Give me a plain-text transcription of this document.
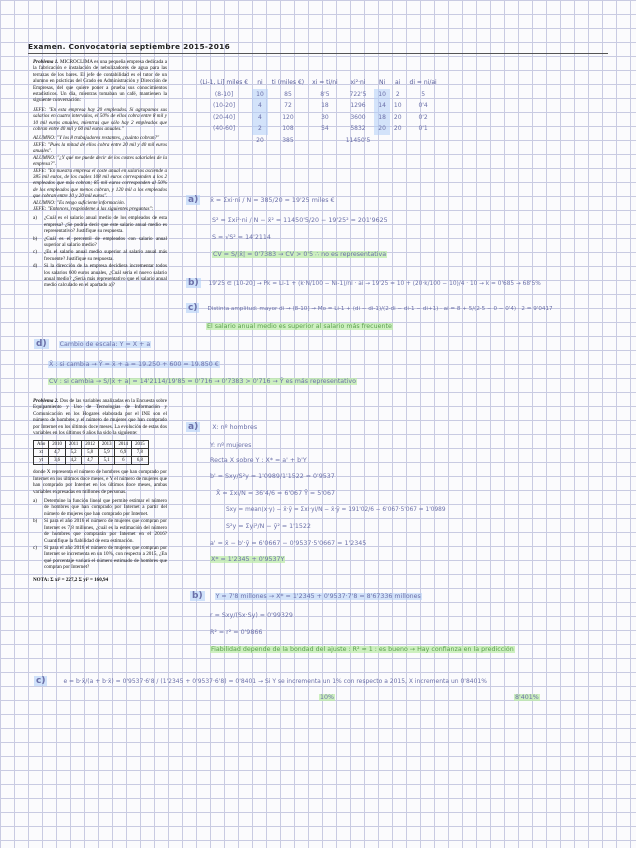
Examen. Convocatoria septiembre 2015-2016

Problema 1. MICROCLIMA es una pequeña empresa dedicada a la fabricación e instalación de nebulizadores de agua para las terrazas de los bares. El jefe de contabilidad es el tutor de un alumno en prácticas del Grado en Administración y Dirección de Empresas, del que quiere poner a prueba sus conocimientos estadísticos. Un día, mientras tomaban un café, mantienen la siguiente conversación:

JEFE: "En esta empresa hay 20 empleados. Si agrupamos sus salarios en cuatro intervalos, el 50% de ellos cobra entre 8 mil y 10 mil euros anuales, mientras que sólo hay 2 empleados que cobran entre 40 mil y 60 mil euros anuales."

ALUMNO: "Y los 8 trabajadores restantes, ¿cuánto cobran?"

JEFE: "Pues la mitad de ellos cobra entre 20 mil y 40 mil euros anuales".

ALUMNO: "¿Y qué me puede decir de los costes salariales de la empresa?".

JEFE: "En nuestra empresa el coste anual en salarios asciende a 385 mil euros, de los cuales 108 mil euros corresponden a los 2 empleados que más cobran; 85 mil euros corresponden al 50% de los empleados que menos cobran, y 120 mil a los empleados que cobran entre 10 y 20 mil euros".

ALUMNO: "Es tengo suficiente información.

JEFE: "Entonces, respóndeme a las siguientes preguntas":

a)	¿Cuál es el salario anual medio de los empleados de esta empresa? ¿Se podría decir que este salario anual medio es representativo? Justifique su respuesta.
b)	¿Cuál es el percentil de empleados con salario anual superior al salario medio?
c)	¿Es el salario anual medio superior al salario anual más frecuente? Justifique su respuesta.
d)	Si la dirección de la empresa decidiera incrementar todos los salarios 600 euros anuales, ¿Cuál sería el nuevo salario anual medio? ¿Sería más representativo que el salario anual medio calculado en el apartado a)?
(Li-1, Li] miles €	ni	ti (miles €)	xi = ti/ni	xi²·ni	Ni	ai	di = ni/ai
(8-10]	10	85	8'5	722'5	10	2	5
(10-20]	4	72	18	1296	14	10	0'4
(20-40]	4	120	30	3600	18	20	0'2
(40-60]	2	108	54	5832	20	20	0'1
	20	385		11450'5			
a) x̄ = Σxi·ni / N = 385/20 = 19'25 miles €
S² = Σxi²·ni / N − x̄² = 11450'5/20 − 19'25² = 201'9625
S = √S² = 14'2114
CV = S/|x̄| = 0'7383 → CV > 0'5 ∴ no es representativa
b) 19'25 ∈ (10-20] → Pk = Li-1 + (k·N/100 − Ni-1)/ni · ai → 19'25 = 10 + (20·k/100 − 10)/4 · 10 → k = 0'685 → 68'5%
c) Distinta amplitud: mayor di → (8-10] → Mo = Li-1 + (di − di-1)/(2·di − di-1 − di+1) · ai = 8 + 5/(2·5 − 0 − 0'4) · 2 = 9'0417
El salario anual medio es superior al salario más frecuente
d) Cambio de escala: Y = X + a
X̄ : si cambia → Ȳ = x̄ + a = 19.250 + 600 = 19.850 €
CV : si cambia → S/|x̄ + a| = 14'2114/19'85 = 0'716 → 0'7383 > 0'716 → Ȳ es más representativo

Problema 2. Dos de las variables analizadas en la Encuesta sobre Equipamiento y Uso de Tecnologías de Información y Comunicación en los Hogares elaborada por el INE son el número de hombres y el número de mujeres que han comprado por Internet en los últimos doce meses. La evolución de estas dos variables en los últimos 6 años ha sido la siguiente:

Año	2010	2011	2012	2013	2014	2015
xt	4,7	5,2	5,8	5,9	6,9	7,8
yt	3,6	4,2	4,7	5,1	6	6,8

donde X representa el número de hombres que han comprado por Internet en los últimos doce meses, e Y el número de mujeres que han comprado por Internet en los últimos doce meses, ambas variables expresadas en millones de personas.

a)	Determine la función lineal que permite estimar el número de hombres que han comprado por Internet a partir del número de mujeres que han comprado por Internet.
b)	Si para el año 2016 el número de mujeres que compran por Internet es 7,8 millones, ¿cuál es la estimación del número de hombres que comprarán por Internet en el 2016? Cuantifique la fiabilidad de esta estimación.
c)	Si para el año 2016 el número de mujeres que compran por Internet se incrementa en un 10%, con respecto a 2015, ¿En qué porcentaje variará el número estimado de hombres que compran por Internet?

NOTA: Σ xi² = 227,2 Σ yi² = 160,94

a) X: nº hombres
Y: nº mujeres
Recta X sobre Y : X* = a' + b'Y
b' = Sxy/S²y = 1'0989/1'1522 = 0'9537
X̄ = Σxi/N = 36'4/6 = 6'067 Ȳ = 5'067
Sxy = mean(x·y) − x̄·ȳ = Σxi·yi/N − x̄·ȳ = 191'02/6 − 6'067·5'067 = 1'0989
S²y = Σyi²/N − ȳ² = 1'1522
a' = x̄ − b'·ȳ = 6'0667 − 0'9537·5'0667 = 1'2345
X* = 1'2345 + 0'9537Y
b) Y = 7'8 millones → X* = 1'2345 + 0'9537·7'8 = 8'67336 millones
r = Sxy/(Sx·Sy) = 0'99329
R² = r² = 0'9866
Fiabilidad depende de la bondad del ajuste : R² ≈ 1 : es bueno → Hay confianza en la predicción
c)	e = b·x̄/(a + b·x̄) = 0'9537·6'8 / (1'2345 + 0'9537·6'8) = 0'8401 → Si Y se incrementa un 1% con respecto a 2015, X incrementa un 0'8401%
10%	8'401%
